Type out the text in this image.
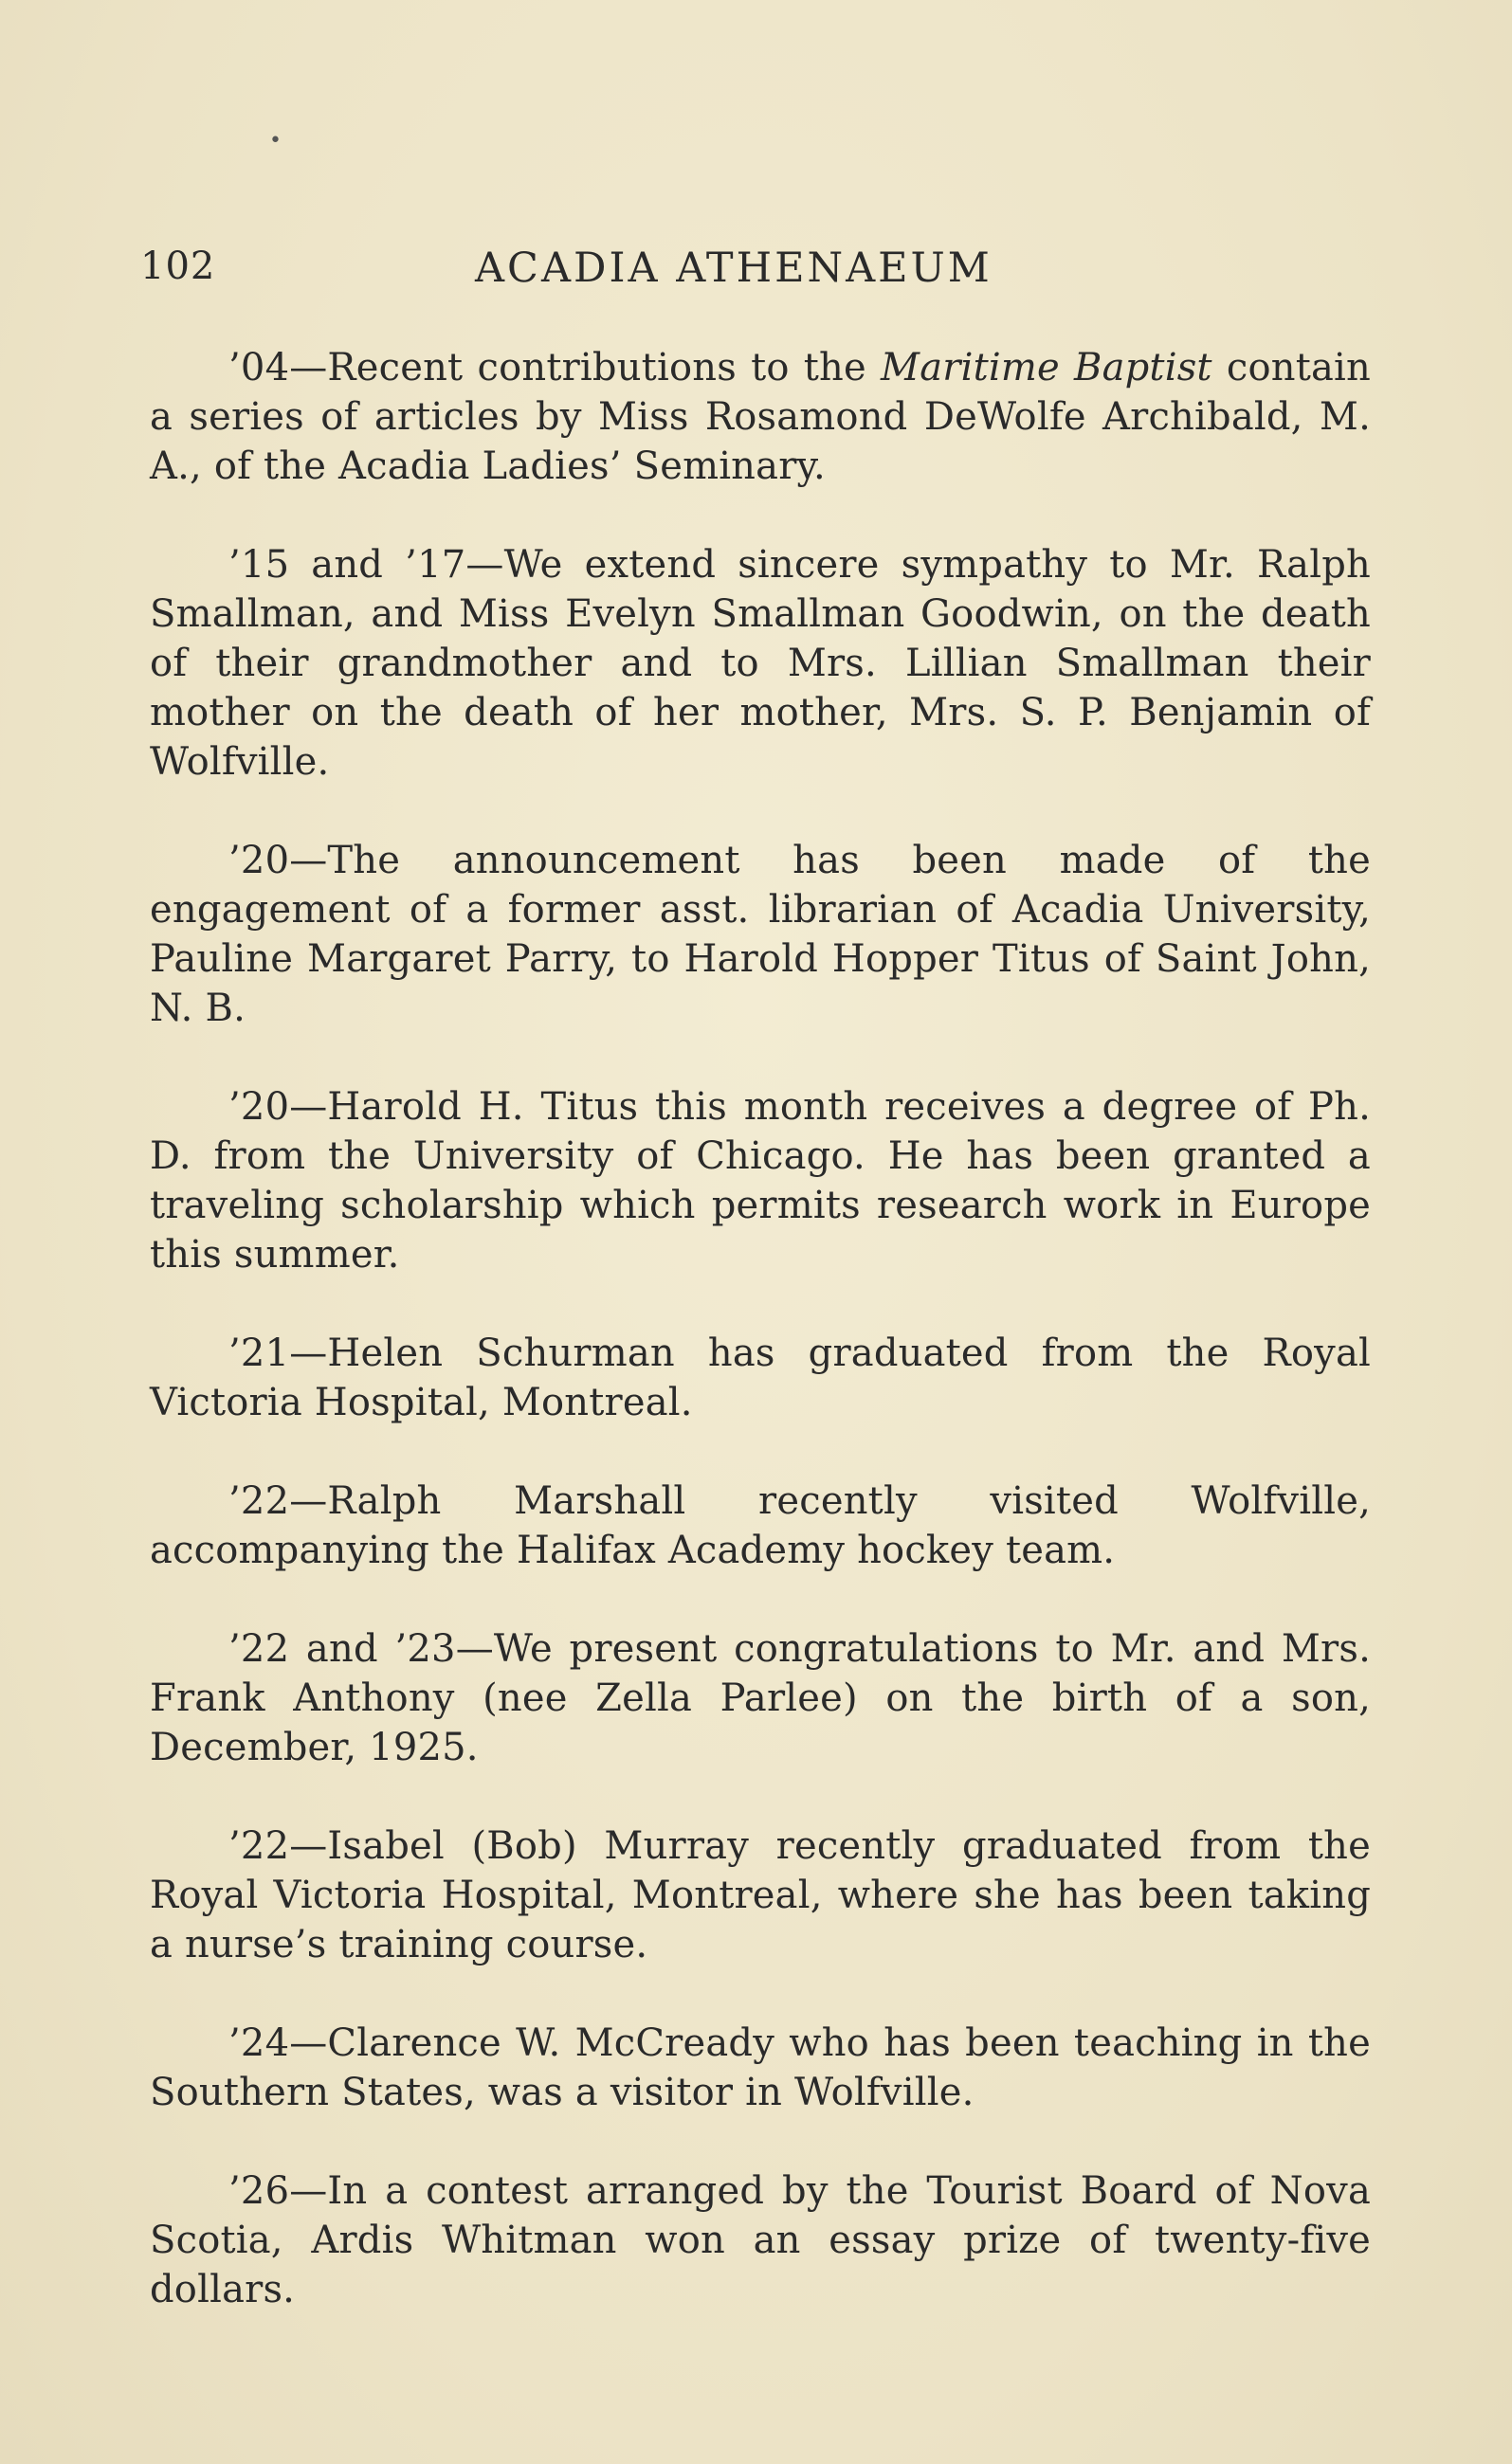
•
102	ACADIA ATHENAEUM

’04—Recent contributions to the Maritime Baptist contain a series of articles by Miss Rosamond DeWolfe Archibald, M. A., of the Acadia Ladies’ Seminary.

’15 and ’17—We extend sincere sympathy to Mr. Ralph Smallman, and Miss Evelyn Smallman Goodwin, on the death of their grandmother and to Mrs. Lillian Smallman their mother on the death of her mother, Mrs. S. P. Benjamin of Wolfville.

’20—The announcement has been made of the engagement of a former asst. librarian of Acadia University, Pauline Margaret Parry, to Harold Hopper Titus of Saint John, N. B.

’20—Harold H. Titus this month receives a degree of Ph. D. from the University of Chicago. He has been granted a traveling scholarship which permits research work in Europe this summer.

’21—Helen Schurman has graduated from the Royal Victoria Hospital, Montreal.

’22—Ralph Marshall recently visited Wolfville, accompanying the Halifax Academy hockey team.

’22 and ’23—We present congratulations to Mr. and Mrs. Frank Anthony (nee Zella Parlee) on the birth of a son, December, 1925.

’22—Isabel (Bob) Murray recently graduated from the Royal Victoria Hospital, Montreal, where she has been taking a nurse’s training course.

’24—Clarence W. McCready who has been teaching in the Southern States, was a visitor in Wolfville.

’26—In a contest arranged by the Tourist Board of Nova Scotia, Ardis Whitman won an essay prize of twenty-five dollars.
